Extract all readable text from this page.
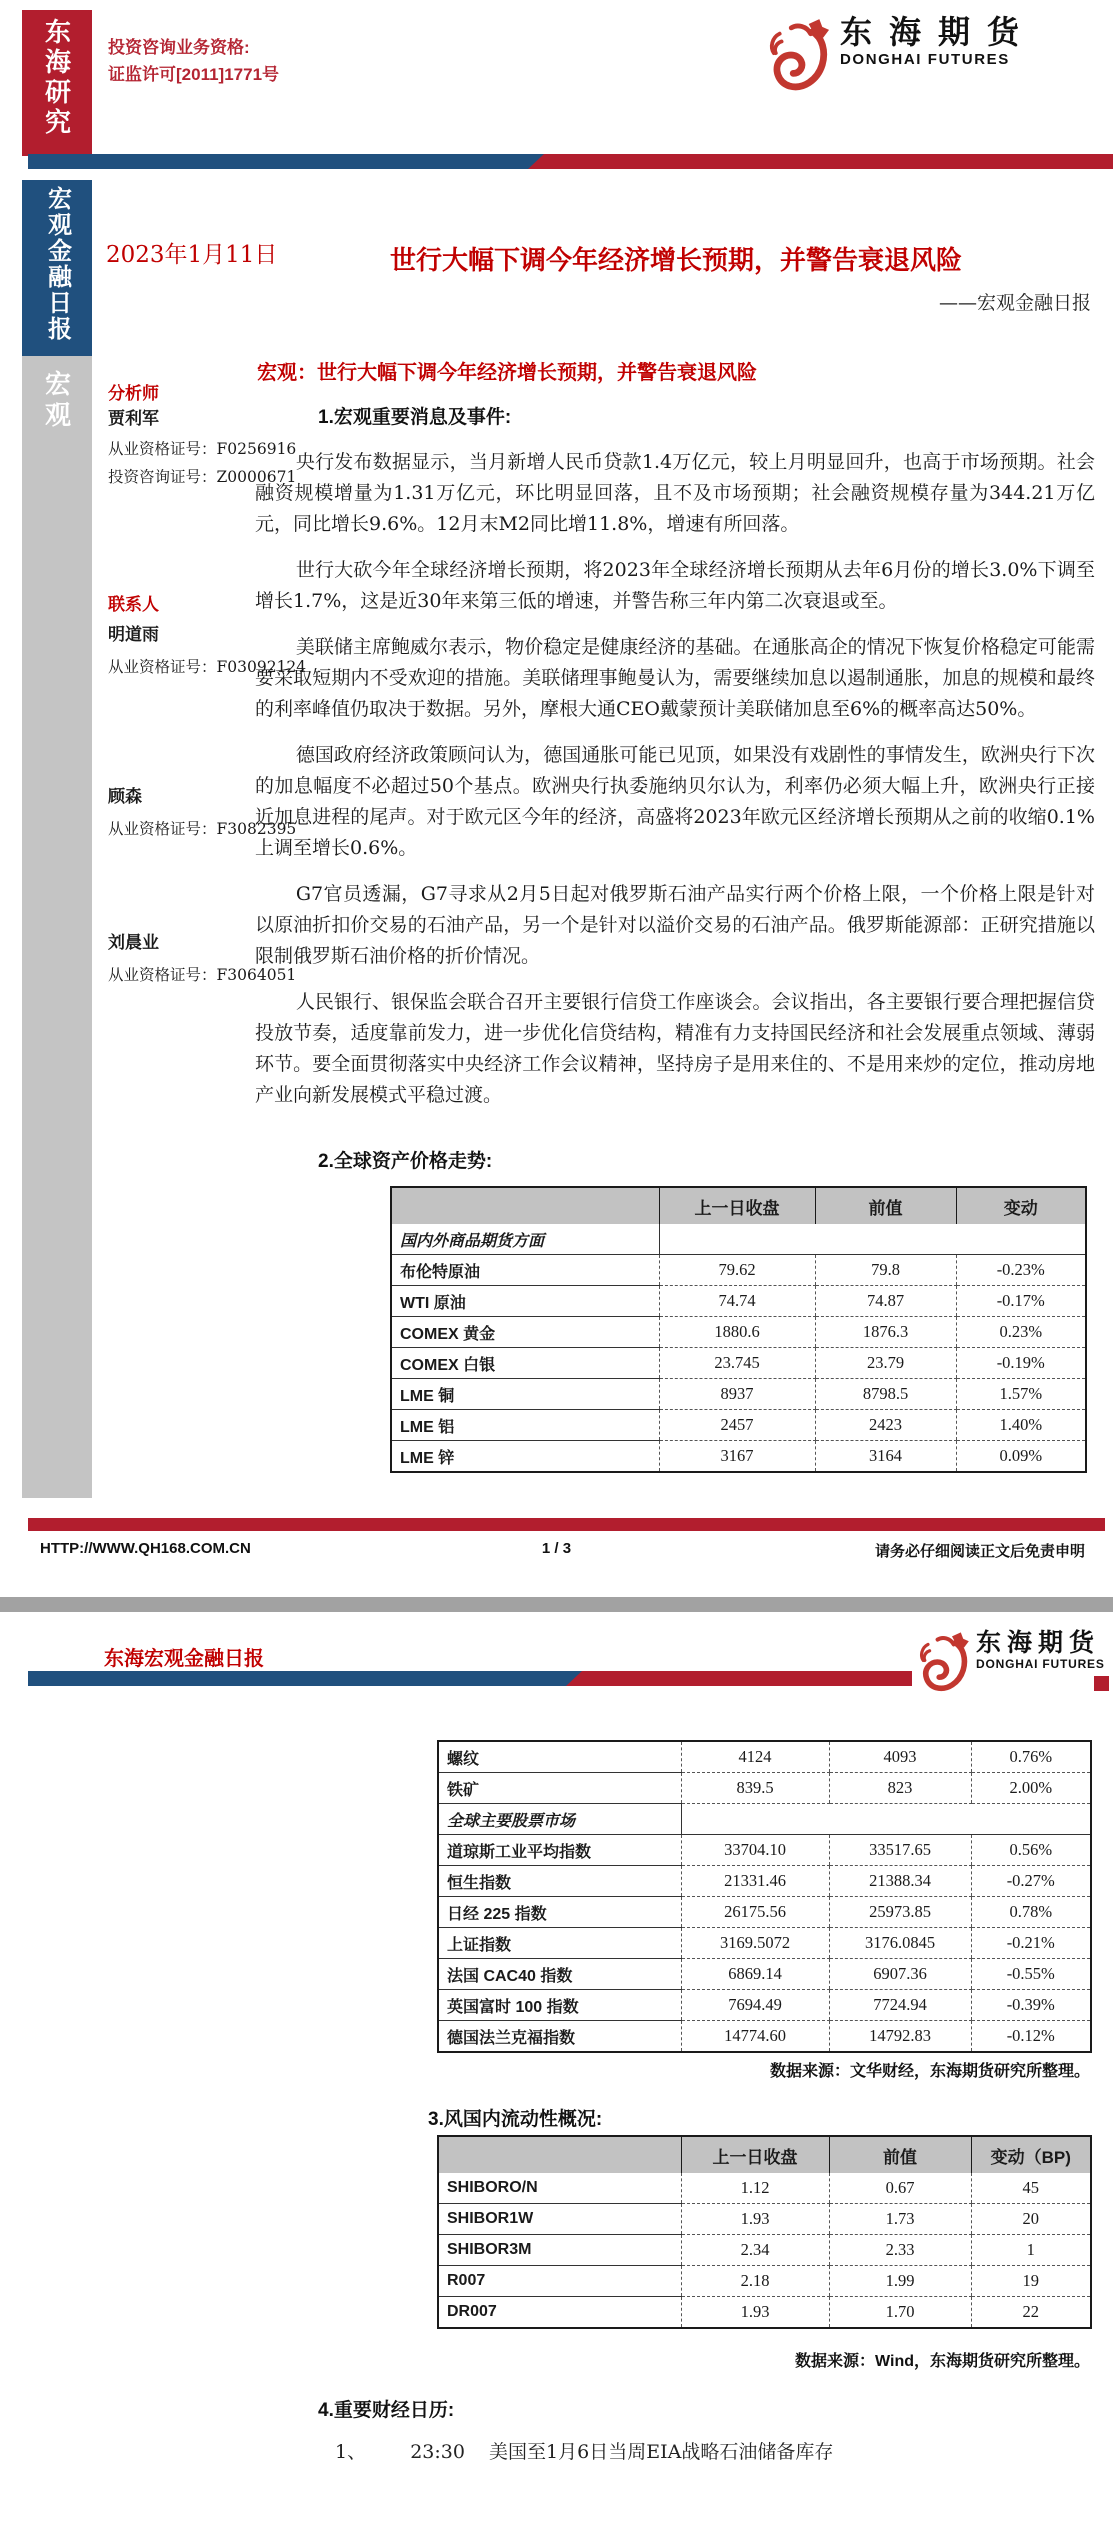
东海研究 投资咨询业务资格:
证监许可[2011]1771号
东海期货
DONGHAI FUTURES
宏观金融日报
宏观
2023年1月11日	世行大幅下调今年经济增长预期，并警告衰退风险
——宏观金融日报
宏观：世行大幅下调今年经济增长预期，并警告衰退风险
分析师
贾利军
从业资格证号：F0256916
投资咨询证号：Z0000671
联系人
明道雨
从业资格证号：F03092124
顾森
从业资格证号：F3082395
刘晨业
从业资格证号：F3064051
1.宏观重要消息及事件:

央行发布数据显示，当月新增人民币贷款1.4万亿元，较上月明显回升，也高于市场预期。社会融资规模增量为1.31万亿元，环比明显回落，且不及市场预期；社会融资规模存量为344.21万亿元，同比增长9.6%。12月末M2同比增11.8%，增速有所回落。

世行大砍今年全球经济增长预期，将2023年全球经济增长预期从去年6月份的增长3.0%下调至增长1.7%，这是近30年来第三低的增速，并警告称三年内第二次衰退或至。

美联储主席鲍威尔表示，物价稳定是健康经济的基础。在通胀高企的情况下恢复价格稳定可能需要采取短期内不受欢迎的措施。美联储理事鲍曼认为，需要继续加息以遏制通胀，加息的规模和最终的利率峰值仍取决于数据。另外，摩根大通CEO戴蒙预计美联储加息至6%的概率高达50%。

德国政府经济政策顾问认为，德国通胀可能已见顶，如果没有戏剧性的事情发生，欧洲央行下次的加息幅度不必超过50个基点。欧洲央行执委施纳贝尔认为，利率仍必须大幅上升，欧洲央行正接近加息进程的尾声。对于欧元区今年的经济，高盛将2023年欧元区经济增长预期从之前的收缩0.1%上调至增长0.6%。

G7官员透漏，G7寻求从2月5日起对俄罗斯石油产品实行两个价格上限，一个价格上限是针对以原油折扣价交易的石油产品，另一个是针对以溢价交易的石油产品。俄罗斯能源部：正研究措施以限制俄罗斯石油价格的折价情况。

人民银行、银保监会联合召开主要银行信贷工作座谈会。会议指出，各主要银行要合理把握信贷投放节奏，适度靠前发力，进一步优化信贷结构，精准有力支持国民经济和社会发展重点领域、薄弱环节。要全面贯彻落实中央经济工作会议精神，坚持房子是用来住的、不是用来炒的定位，推动房地产业向新发展模式平稳过渡。

2.全球资产价格走势:
	上一日收盘	前值	变动
国内外商品期货方面			
布伦特原油	79.62	79.8	-0.23%
WTI 原油	74.74	74.87	-0.17%
COMEX 黄金	1880.6	1876.3	0.23%
COMEX 白银	23.745	23.79	-0.19%
LME 铜	8937	8798.5	1.57%
LME 铝	2457	2423	1.40%
LME 锌	3167	3164	0.09%
HTTP://WWW.QH168.COM.CN	1 / 3	请务必仔细阅读正文后免责申明
东海宏观金融日报
东海期货
DONGHAI FUTURES
螺纹	4124	4093	0.76%
铁矿	839.5	823	2.00%
全球主要股票市场			
道琼斯工业平均指数	33704.10	33517.65	0.56%
恒生指数	21331.46	21388.34	-0.27%
日经 225 指数	26175.56	25973.85	0.78%
上证指数	3169.5072	3176.0845	-0.21%
法国 CAC40 指数	6869.14	6907.36	-0.55%
英国富时 100 指数	7694.49	7724.94	-0.39%
德国法兰克福指数	14774.60	14792.83	-0.12%
数据来源：文华财经，东海期货研究所整理。
3.风国内流动性概况:
	上一日收盘	前值	变动（BP)
SHIBORO/N	1.12	0.67	45
SHIBOR1W	1.93	1.73	20
SHIBOR3M	2.34	2.33	1
R007	2.18	1.99	19
DR007	1.93	1.70	22
数据来源：Wind，东海期货研究所整理。
4.重要财经日历:
1、 23:30 美国至1月6日当周EIA战略石油储备库存
